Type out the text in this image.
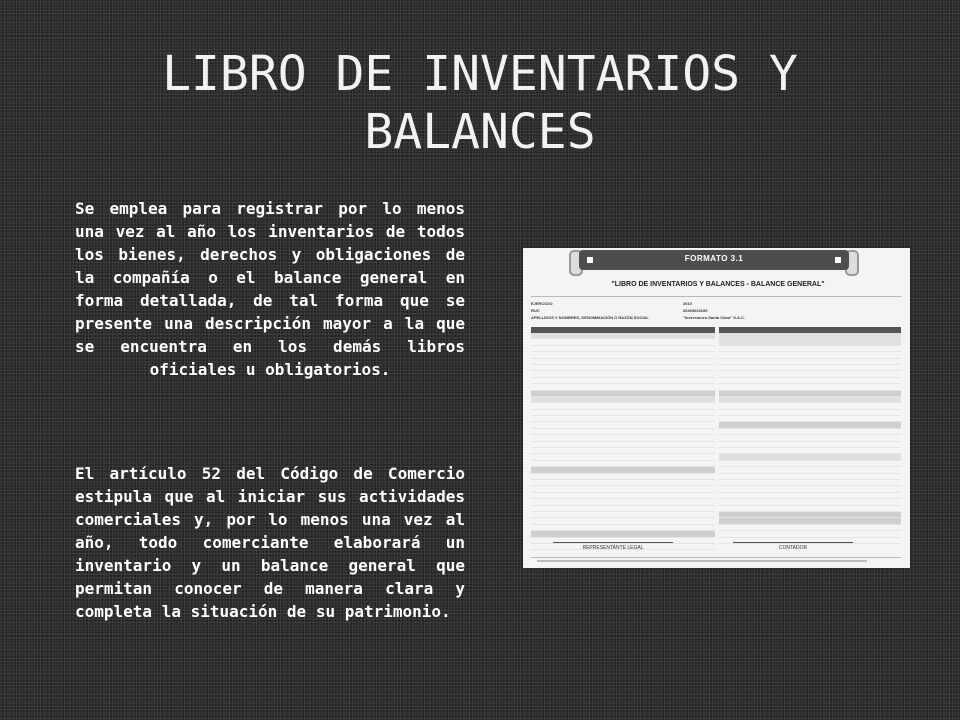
LIBRO DE INVENTARIOS Y BALANCES

Se emplea para registrar por lo menos una vez al año los inventarios de todos los bienes, derechos y obligaciones de la compañía o el balance general en forma detallada, de tal forma que se presente una descripción mayor a la que se encuentra en los demás libros oficiales u obligatorios.

El artículo 52 del Código de Comercio estipula que al iniciar sus actividades comerciales y, por lo menos una vez al año, todo comerciante elaborará un inventario y un balance general que permitan conocer de manera clara y completa la situación de su patrimonio.

FORMATO 3.1
"LIBRO DE INVENTARIOS Y BALANCES - BALANCE GENERAL"
EJERCICIO	2010
RUC	20403020109
APELLIDOS Y NOMBRES, DENOMINACIÓN O RAZÓN SOCIAL	"Inversiones Santa Clara" S.A.C.
REPRESENTANTE LEGAL	CONTADOR
